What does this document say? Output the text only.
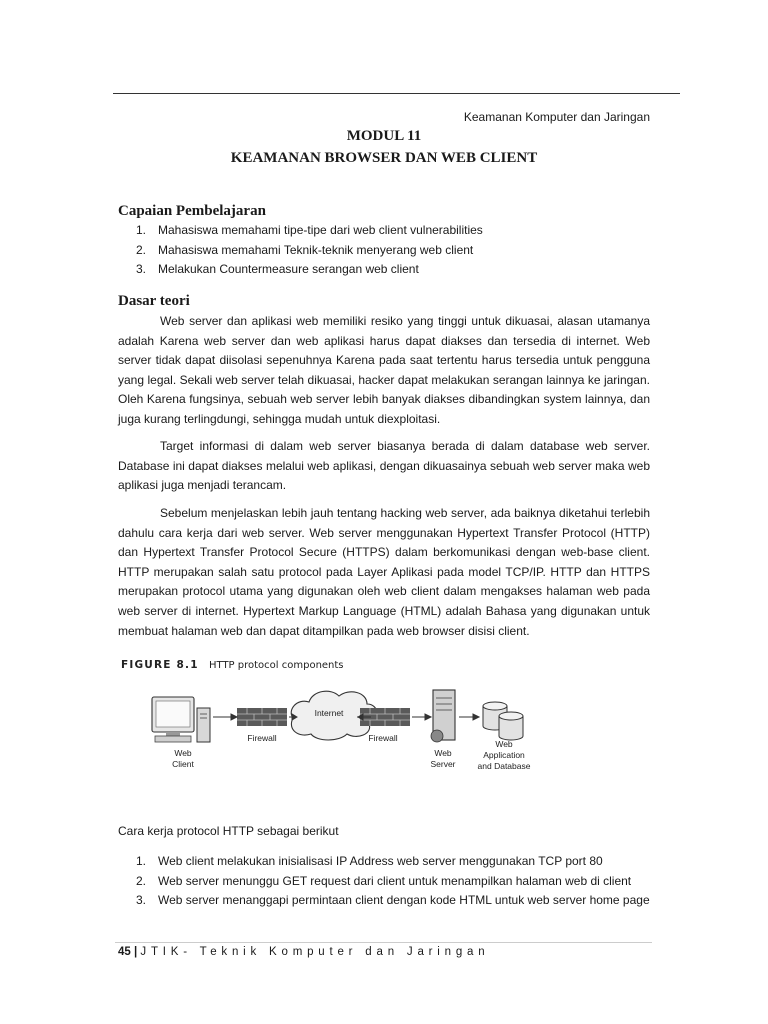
Keamanan Komputer dan Jaringan
MODUL 11
KEAMANAN BROWSER DAN WEB CLIENT
Capaian Pembelajaran
1. Mahasiswa memahami tipe-tipe dari web client vulnerabilities
2. Mahasiswa memahami Teknik-teknik menyerang web client
3. Melakukan Countermeasure serangan web client
Dasar teori

Web server dan aplikasi web memiliki resiko yang tinggi untuk dikuasai, alasan utamanya adalah Karena web server dan web aplikasi harus dapat diakses dan tersedia di internet. Web server tidak dapat diisolasi sepenuhnya Karena pada saat tertentu harus tersedia untuk pengguna yang legal. Sekali web server telah dikuasai, hacker dapat melakukan serangan lainnya ke jaringan. Oleh Karena fungsinya, sebuah web server lebih banyak diakses dibandingkan system lainnya, dan juga kurang terlingdungi, sehingga mudah untuk diexploitasi.

Target informasi di dalam web server biasanya berada di dalam database web server. Database ini dapat diakses melalui web aplikasi, dengan dikuasainya sebuah web server maka web aplikasi juga menjadi terancam.

Sebelum menjelaskan lebih jauh tentang hacking web server, ada baiknya diketahui terlebih dahulu cara kerja dari web server. Web server menggunakan Hypertext Transfer Protocol (HTTP) dan Hypertext Transfer Protocol Secure (HTTPS) dalam berkomunikasi dengan web-base client. HTTP merupakan salah satu protocol pada Layer Aplikasi pada model TCP/IP. HTTP dan HTTPS merupakan protocol utama yang digunakan oleh web client dalam mengakses halaman web pada web server di internet. Hypertext Markup Language (HTML) adalah Bahasa yang digunakan untuk membuat halaman web dan dapat ditampilkan pada web browser disisi client.

FIGURE 8.1 HTTP protocol components
Web
Client
Firewall
Internet
Firewall
Web
Server
Web
Application
and Database
Cara kerja protocol HTTP sebagai berikut
1. Web client melakukan inisialisasi IP Address web server menggunakan TCP port 80
2. Web server menunggu GET request dari client untuk menampilkan halaman web di client
3. Web server menanggapi permintaan client dengan kode HTML untuk web server home page
45 | JTIK- Teknik Komputer dan Jaringan
